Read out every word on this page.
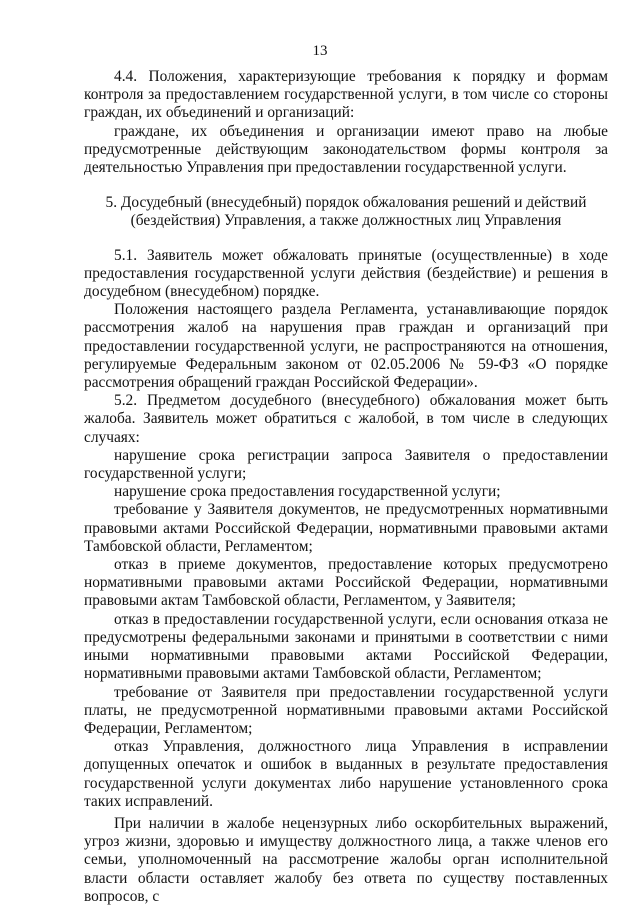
13

4.4. Положения, характеризующие требования к порядку и формам контроля за предоставлением государственной услуги, в том числе со стороны граждан, их объединений и организаций:

граждане, их объединения и организации имеют право на любые предусмотренные действующим законодательством формы контроля за деятельностью Управления при предоставлении государственной услуги.

5. Досудебный (внесудебный) порядок обжалования решений и действий

(бездействия) Управления, а также должностных лиц Управления

5.1. Заявитель может обжаловать принятые (осуществленные) в ходе предоставления государственной услуги действия (бездействие) и решения в досудебном (внесудебном) порядке.

Положения настоящего раздела Регламента, устанавливающие порядок рассмотрения жалоб на нарушения прав граждан и организаций при предоставлении государственной услуги, не распространяются на отношения, регулируемые Федеральным законом от 02.05.2006 № 59-ФЗ «О порядке рассмотрения обращений граждан Российской Федерации».

5.2. Предметом досудебного (внесудебного) обжалования может быть жалоба. Заявитель может обратиться с жалобой, в том числе в следующих случаях:

нарушение срока регистрации запроса Заявителя о предоставлении государственной услуги;

нарушение срока предоставления государственной услуги;

требование у Заявителя документов, не предусмотренных нормативными правовыми актами Российской Федерации, нормативными правовыми актами Тамбовской области, Регламентом;

отказ в приеме документов, предоставление которых предусмотрено нормативными правовыми актами Российской Федерации, нормативными правовыми актам Тамбовской области, Регламентом, у Заявителя;

отказ в предоставлении государственной услуги, если основания отказа не предусмотрены федеральными законами и принятыми в соответствии с ними иными нормативными правовыми актами Российской Федерации, нормативными правовыми актами Тамбовской области, Регламентом;

требование от Заявителя при предоставлении государственной услуги платы, не предусмотренной нормативными правовыми актами Российской Федерации, Регламентом;

отказ Управления, должностного лица Управления в исправлении допущенных опечаток и ошибок в выданных в результате предоставления государственной услуги документах либо нарушение установленного срока таких исправлений.

При наличии в жалобе нецензурных либо оскорбительных выражений, угроз жизни, здоровью и имуществу должностного лица, а также членов его семьи, уполномоченный на рассмотрение жалобы орган исполнительной власти области оставляет жалобу без ответа по существу поставленных вопросов, с
